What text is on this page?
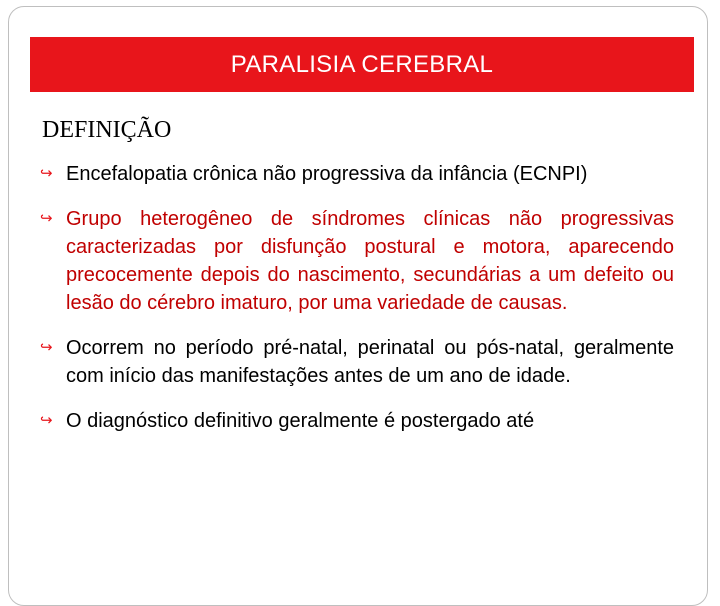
PARALISIA CEREBRAL
DEFINIÇÃO
↪ Encefalopatia crônica não progressiva da infância (ECNPI)
↪ Grupo heterogêneo de síndromes clínicas não progressivas caracterizadas por disfunção postural e motora, aparecendo precocemente depois do nascimento, secundárias a um defeito ou lesão do cérebro imaturo, por uma variedade de causas.
↪ Ocorrem no período pré-natal, perinatal ou pós-natal, geralmente com início das manifestações antes de um ano de idade.
↪ O diagnóstico definitivo geralmente é postergado até
